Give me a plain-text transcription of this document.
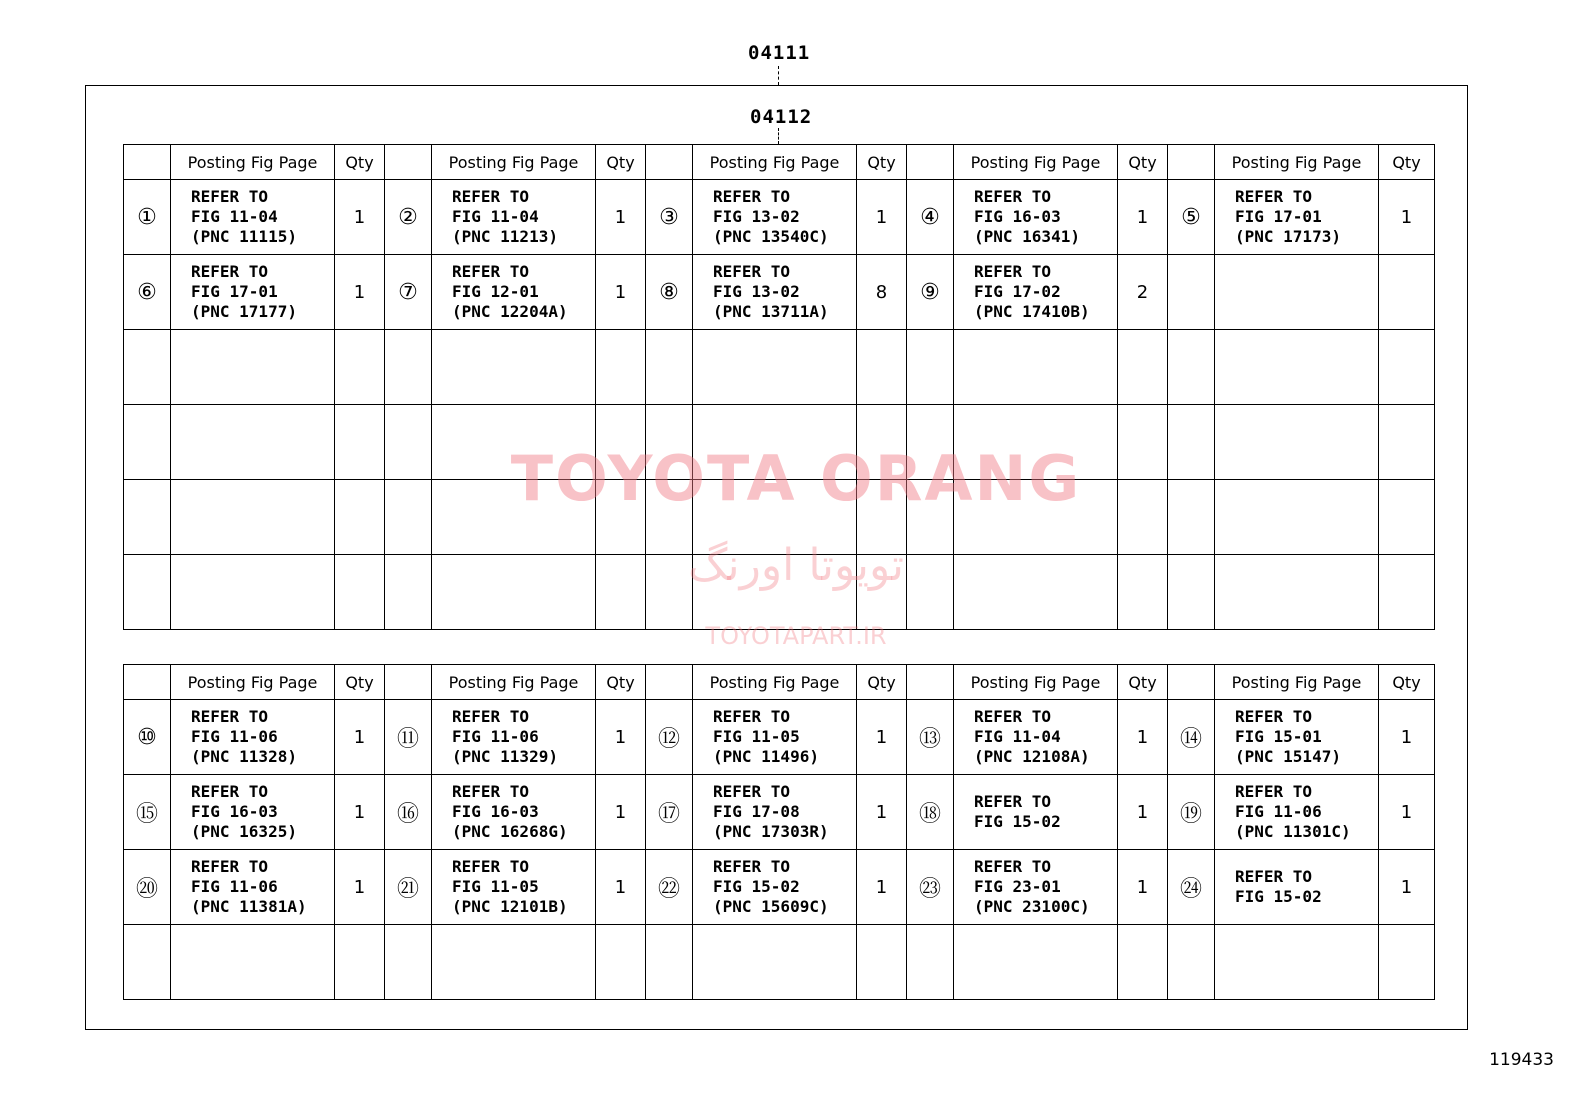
04111
04112
	Posting Fig Page	Qty		Posting Fig Page	Qty		Posting Fig Page	Qty		Posting Fig Page	Qty		Posting Fig Page	Qty
①	REFER TO
FIG 11-04
(PNC 11115)	1	②	REFER TO
FIG 11-04
(PNC 11213)	1	③	REFER TO
FIG 13-02
(PNC 13540C)	1	④	REFER TO
FIG 16-03
(PNC 16341)	1	⑤	REFER TO
FIG 17-01
(PNC 17173)	1
⑥	REFER TO
FIG 17-01
(PNC 17177)	1	⑦	REFER TO
FIG 12-01
(PNC 12204A)	1	⑧	REFER TO
FIG 13-02
(PNC 13711A)	8	⑨	REFER TO
FIG 17-02
(PNC 17410B)	2			

	Posting Fig Page	Qty		Posting Fig Page	Qty		Posting Fig Page	Qty		Posting Fig Page	Qty		Posting Fig Page	Qty
⑩	REFER TO
FIG 11-06
(PNC 11328)	1	⑪	REFER TO
FIG 11-06
(PNC 11329)	1	⑫	REFER TO
FIG 11-05
(PNC 11496)	1	⑬	REFER TO
FIG 11-04
(PNC 12108A)	1	⑭	REFER TO
FIG 15-01
(PNC 15147)	1
⑮	REFER TO
FIG 16-03
(PNC 16325)	1	⑯	REFER TO
FIG 16-03
(PNC 16268G)	1	⑰	REFER TO
FIG 17-08
(PNC 17303R)	1	⑱	REFER TO
FIG 15-02	1	⑲	REFER TO
FIG 11-06
(PNC 11301C)	1
⑳	REFER TO
FIG 11-06
(PNC 11381A)	1	㉑	REFER TO
FIG 11-05
(PNC 12101B)	1	㉒	REFER TO
FIG 15-02
(PNC 15609C)	1	㉓	REFER TO
FIG 23-01
(PNC 23100C)	1	㉔	REFER TO
FIG 15-02	1

TOYOTA ORANG
تویوتا اورنگ
TOYOTAPART.IR
119433
